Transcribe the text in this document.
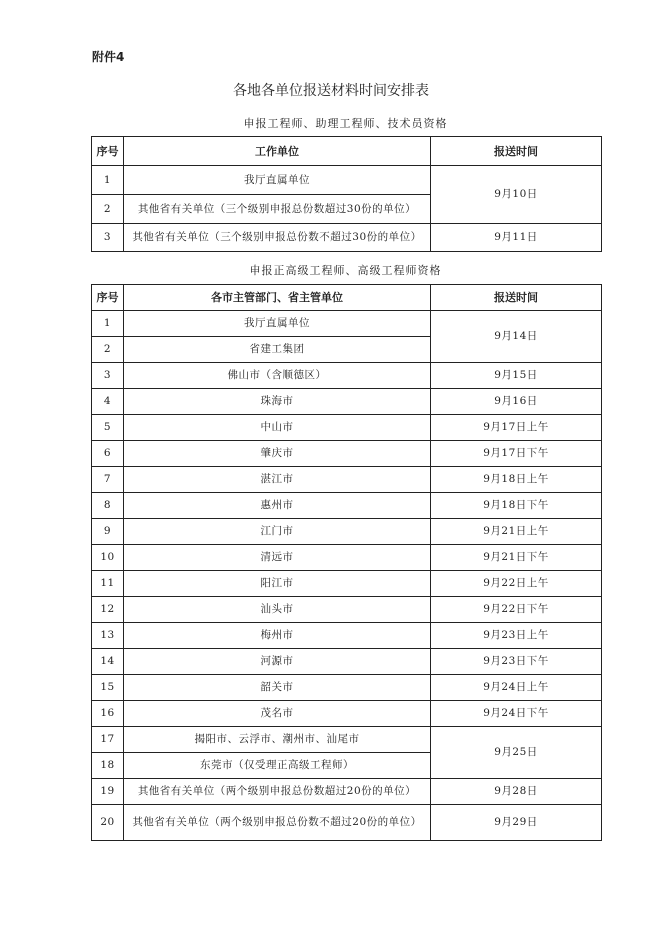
附件4
各地各单位报送材料时间安排表
申报工程师、助理工程师、技术员资格
序号	工作单位	报送时间
1	我厅直属单位	9月10日
2	其他省有关单位（三个级别申报总份数超过30份的单位）	
3	其他省有关单位（三个级别申报总份数不超过30份的单位）	9月11日
申报正高级工程师、高级工程师资格
序号	各市主管部门、省主管单位	报送时间
1	我厅直属单位	9月14日
2	省建工集团	
3	佛山市（含顺德区）	9月15日
4	珠海市	9月16日
5	中山市	9月17日上午
6	肇庆市	9月17日下午
7	湛江市	9月18日上午
8	惠州市	9月18日下午
9	江门市	9月21日上午
10	清远市	9月21日下午
11	阳江市	9月22日上午
12	汕头市	9月22日下午
13	梅州市	9月23日上午
14	河源市	9月23日下午
15	韶关市	9月24日上午
16	茂名市	9月24日下午
17	揭阳市、云浮市、潮州市、汕尾市	9月25日
18	东莞市（仅受理正高级工程师）	
19	其他省有关单位（两个级别申报总份数超过20份的单位）	9月28日
20	其他省有关单位（两个级别申报总份数不超过20份的单位）	9月29日
